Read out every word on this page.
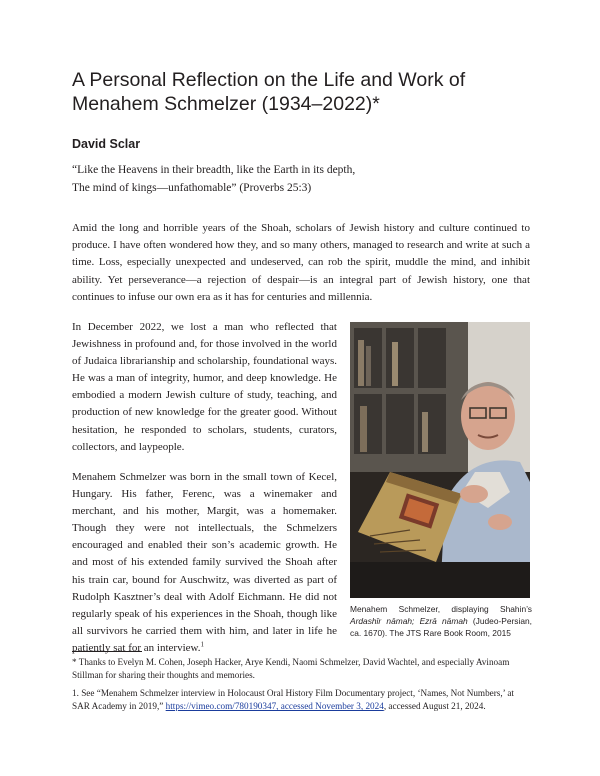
A Personal Reflection on the Life and Work of Menahem Schmelzer (1934–2022)*
David Sclar
“Like the Heavens in their breadth, like the Earth in its depth,
The mind of kings—unfathomable” (Proverbs 25:3)
Amid the long and horrible years of the Shoah, scholars of Jewish history and culture continued to produce. I have often wondered how they, and so many others, managed to research and write at such a time. Loss, especially unexpected and undeserved, can rob the spirit, muddle the mind, and inhibit ability. Yet perseverance—a rejection of despair—is an integral part of Jewish history, one that continues to infuse our own era as it has for centuries and millennia.
In December 2022, we lost a man who reflected that Jewishness in profound and, for those involved in the world of Judaica librarianship and scholarship, foundational ways. He was a man of integrity, humor, and deep knowledge. He embodied a modern Jewish culture of study, teaching, and production of new knowledge for the greater good. Without hesitation, he responded to scholars, students, curators, collectors, and laypeople.
Menahem Schmelzer was born in the small town of Kecel, Hungary. His father, Ferenc, was a winemaker and merchant, and his mother, Margit, was a homemaker. Though they were not intellectuals, the Schmelzers encouraged and enabled their son’s academic growth. He and most of his extended family survived the Shoah after his train car, bound for Auschwitz, was diverted as part of Rudolph Kasztner’s deal with Adolf Eichmann. He did not regularly speak of his experiences in the Shoah, though like all survivors he carried them with him, and later in life he patiently sat for an interview.$^1$
Menahem Schmelzer, displaying Shahin’s Ardashīr nāmah; Ezrā nāmah (Judeo-Persian, ca. 1670). The JTS Rare Book Room, 2015
* Thanks to Evelyn M. Cohen, Joseph Hacker, Arye Kendi, Naomi Schmelzer, David Wachtel, and especially Avinoam Stillman for sharing their thoughts and memories.
1. See “Menahem Schmelzer interview in Holocaust Oral History Film Documentary project, ‘Names, Not Numbers,’ at SAR Academy in 2019,” https://vimeo.com/780190347, accessed November 3, 2024, accessed August 21, 2024.
